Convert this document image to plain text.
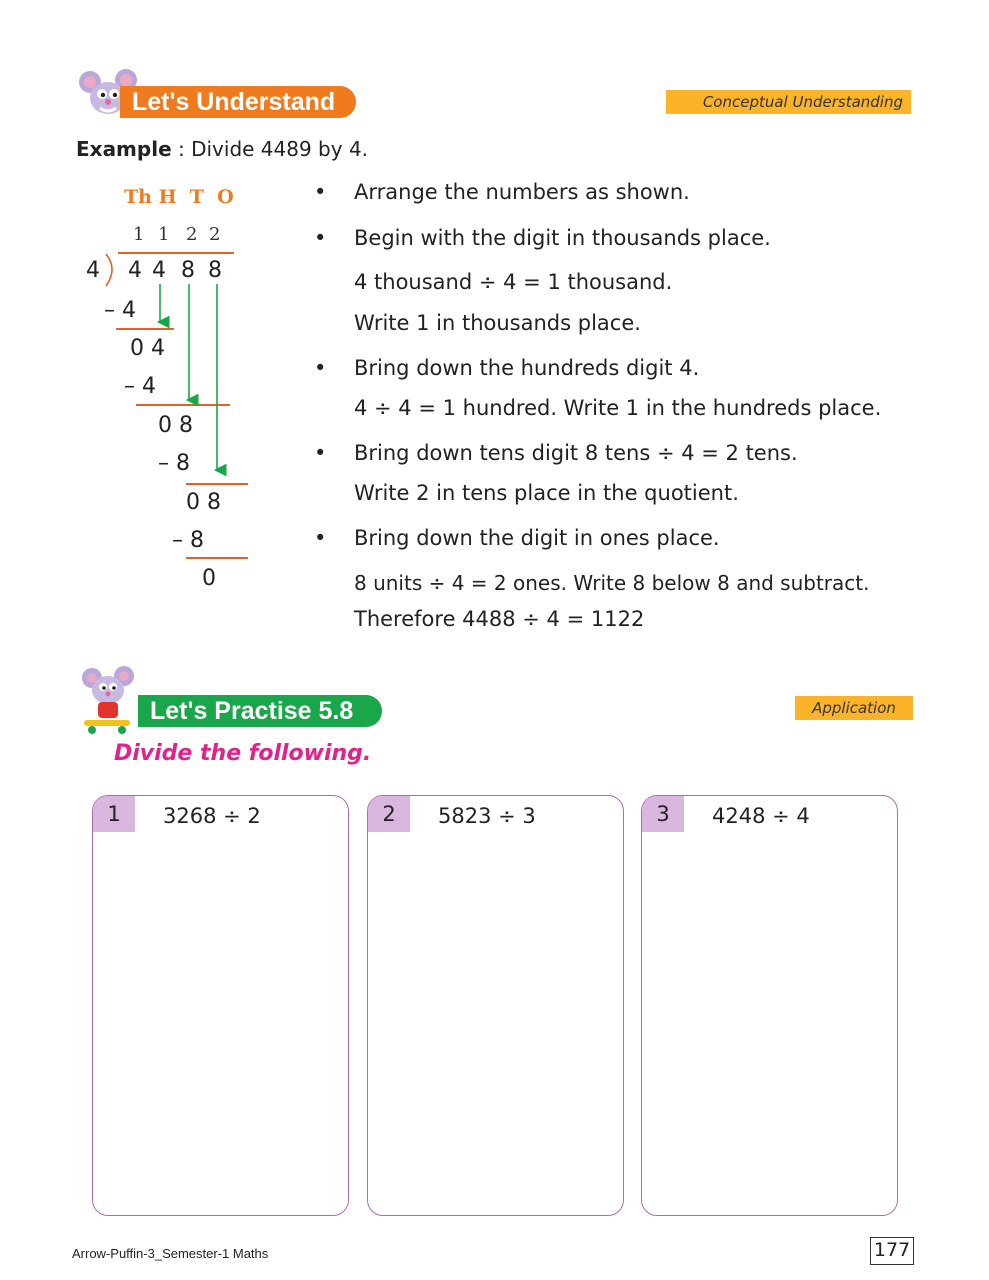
Let's Understand	Conceptual Understanding
Example : Divide 4489 by 4.
Th H  T  O
1 1 2 2
4 4 4 8 8
– 4
0 4
– 4
0 8
– 8
0 8
– 8
0
• Arrange the numbers as shown.
• Begin with the digit in thousands place.
4 thousand ÷ 4 = 1 thousand.
Write 1 in thousands place.
• Bring down the hundreds digit 4.
4 ÷ 4 = 1 hundred. Write 1 in the hundreds place.
• Bring down tens digit 8 tens ÷ 4 = 2 tens.
Write 2 in tens place in the quotient.
• Bring down the digit in ones place.
8 units ÷ 4 = 2 ones. Write 8 below 8 and subtract.
Therefore 4488 ÷ 4 = 1122
Let's Practise 5.8	Application
Divide the following.
1	3268 ÷ 2	2	5823 ÷ 3	3	4248 ÷ 4
Arrow-Puffin-3_Semester-1 Maths	177
